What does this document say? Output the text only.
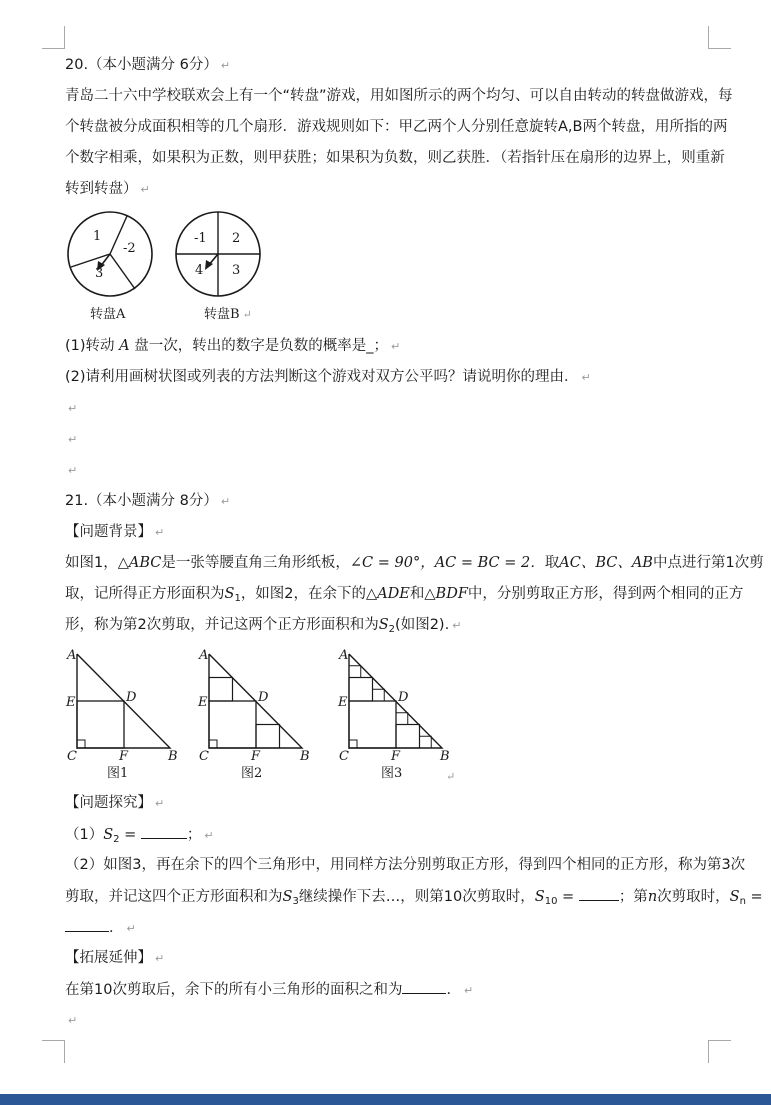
20.（本小题满分 6分） ↵
青岛二十六中学校联欢会上有一个“转盘”游戏，用如图所示的两个均匀、可以自由转动的转盘做游戏，每
个转盘被分成面积相等的几个扇形．游戏规则如下：甲乙两个人分别任意旋转A,B两个转盘，用所指的两
个数字相乘，如果积为正数，则甲获胜；如果积为负数，则乙获胜．（若指针压在扇形的边界上，则重新
转到转盘） ↵
1
-2
3
转盘A
-1 2
4 3
转盘B ↵
(1)转动 A 盘一次，转出的数字是负数的概率是_； ↵
(2)请利用画树状图或列表的方法判断这个游戏对双方公平吗？请说明你的理由． ↵
↵
↵
↵
21.（本小题满分 8分） ↵
【问题背景】 ↵
如图1，△ABC是一张等腰直角三角形纸板，∠C = 90°，AC = BC = 2．取AC、BC、AB中点进行第1次剪
取，记所得正方形面积为$S_1$，如图2，在余下的△ADE和△BDF中，分别剪取正方形，得到两个相同的正方
形，称为第2次剪取，并记这两个正方形面积和为$S_2$(如图2). ↵
A
E	D
C	F	B
图1
A
E	D
C	F	B
图2
A
E	D
C	F	B
图3	↵
【问题探究】 ↵
$(1)S_2$ =	； ↵
（2）如图3，再在余下的四个三角形中，用同样方法分别剪取正方形，得到四个相同的正方形，称为第3次
剪取，并记这四个正方形面积和为$S_3$继续操作下去…，则第10次剪取时，$S_{10}$ =	；第n次剪取时，$S_n$ =
． ↵
【拓展延伸】 ↵
在第10次剪取后，余下的所有小三角形的面积之和为	． ↵
↵
